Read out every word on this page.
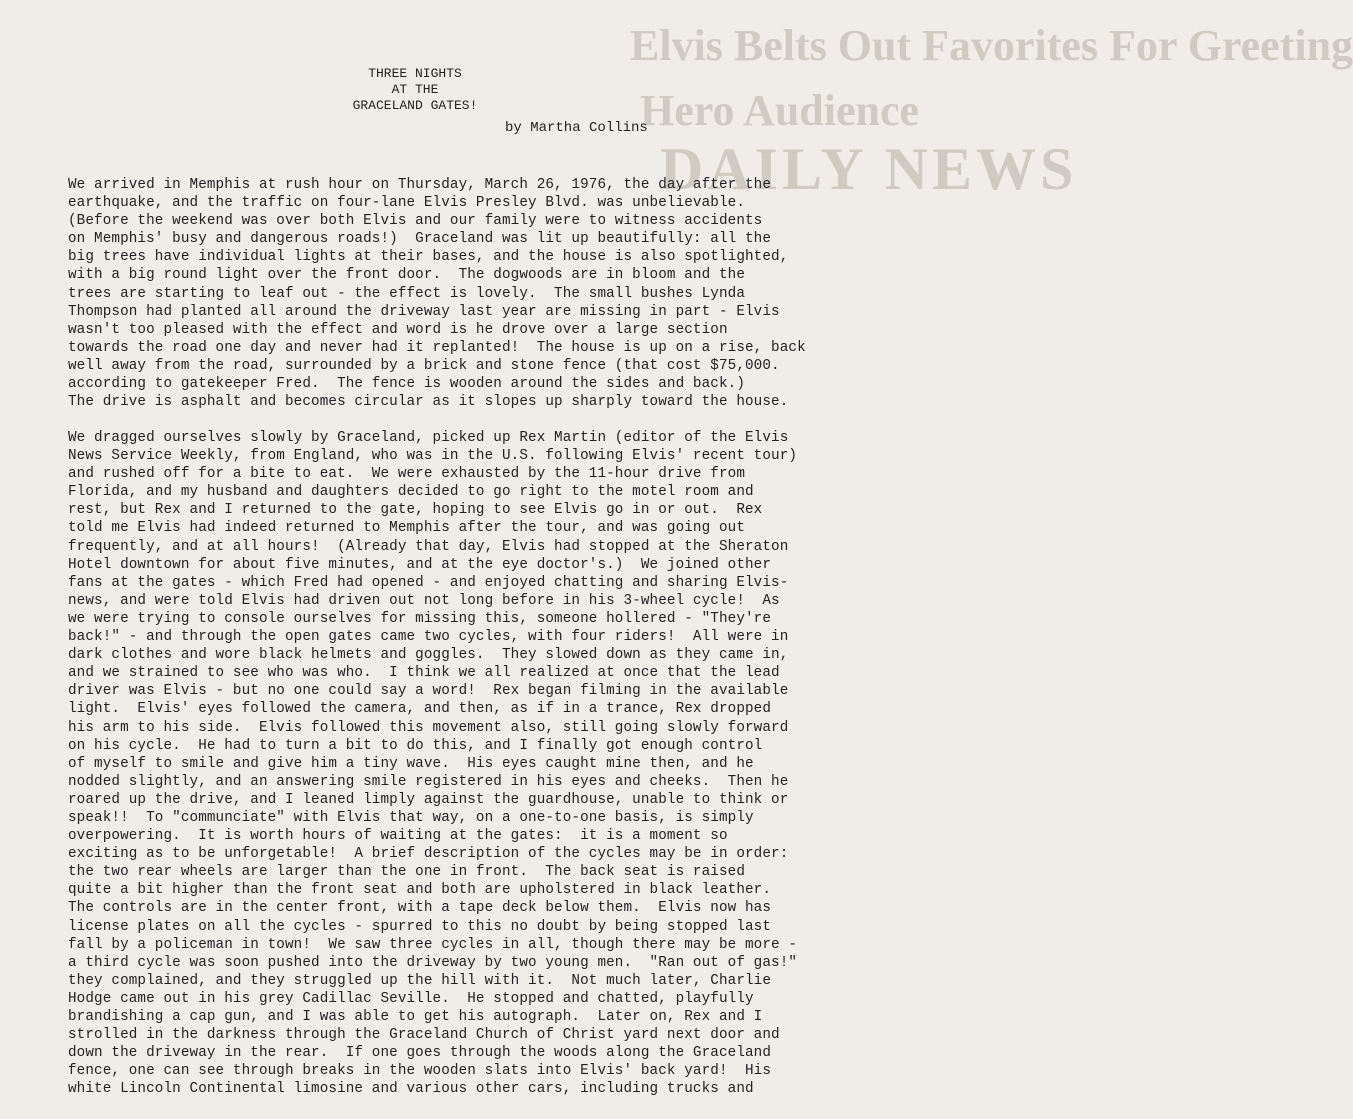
Elvis Belts Out Favorites For Greeting
Hero Audience
DAILY NEWS
THREE NIGHTS
AT THE
GRACELAND GATES!
by Martha Collins
We arrived in Memphis at rush hour on Thursday, March 26, 1976, the day after the
earthquake, and the traffic on four-lane Elvis Presley Blvd. was unbelievable.
(Before the weekend was over both Elvis and our family were to witness accidents
on Memphis' busy and dangerous roads!)  Graceland was lit up beautifully: all the
big trees have individual lights at their bases, and the house is also spotlighted,
with a big round light over the front door.  The dogwoods are in bloom and the
trees are starting to leaf out - the effect is lovely.  The small bushes Lynda
Thompson had planted all around the driveway last year are missing in part - Elvis
wasn't too pleased with the effect and word is he drove over a large section
towards the road one day and never had it replanted!  The house is up on a rise, back
well away from the road, surrounded by a brick and stone fence (that cost $75,000.
according to gatekeeper Fred.  The fence is wooden around the sides and back.)
The drive is asphalt and becomes circular as it slopes up sharply toward the house.
We dragged ourselves slowly by Graceland, picked up Rex Martin (editor of the Elvis
News Service Weekly, from England, who was in the U.S. following Elvis' recent tour)
and rushed off for a bite to eat.  We were exhausted by the 11-hour drive from
Florida, and my husband and daughters decided to go right to the motel room and
rest, but Rex and I returned to the gate, hoping to see Elvis go in or out.  Rex
told me Elvis had indeed returned to Memphis after the tour, and was going out
frequently, and at all hours!  (Already that day, Elvis had stopped at the Sheraton
Hotel downtown for about five minutes, and at the eye doctor's.)  We joined other
fans at the gates - which Fred had opened - and enjoyed chatting and sharing Elvis-
news, and were told Elvis had driven out not long before in his 3-wheel cycle!  As
we were trying to console ourselves for missing this, someone hollered - "They're
back!" - and through the open gates came two cycles, with four riders!  All were in
dark clothes and wore black helmets and goggles.  They slowed down as they came in,
and we strained to see who was who.  I think we all realized at once that the lead
driver was Elvis - but no one could say a word!  Rex began filming in the available
light.  Elvis' eyes followed the camera, and then, as if in a trance, Rex dropped
his arm to his side.  Elvis followed this movement also, still going slowly forward
on his cycle.  He had to turn a bit to do this, and I finally got enough control
of myself to smile and give him a tiny wave.  His eyes caught mine then, and he
nodded slightly, and an answering smile registered in his eyes and cheeks.  Then he
roared up the drive, and I leaned limply against the guardhouse, unable to think or
speak!!  To "communciate" with Elvis that way, on a one-to-one basis, is simply
overpowering.  It is worth hours of waiting at the gates:  it is a moment so
exciting as to be unforgetable!  A brief description of the cycles may be in order:
the two rear wheels are larger than the one in front.  The back seat is raised
quite a bit higher than the front seat and both are upholstered in black leather.
The controls are in the center front, with a tape deck below them.  Elvis now has
license plates on all the cycles - spurred to this no doubt by being stopped last
fall by a policeman in town!  We saw three cycles in all, though there may be more -
a third cycle was soon pushed into the driveway by two young men.  "Ran out of gas!"
they complained, and they struggled up the hill with it.  Not much later, Charlie
Hodge came out in his grey Cadillac Seville.  He stopped and chatted, playfully
brandishing a cap gun, and I was able to get his autograph.  Later on, Rex and I
strolled in the darkness through the Graceland Church of Christ yard next door and
down the driveway in the rear.  If one goes through the woods along the Graceland
fence, one can see through breaks in the wooden slats into Elvis' back yard!  His
white Lincoln Continental limosine and various other cars, including trucks and
